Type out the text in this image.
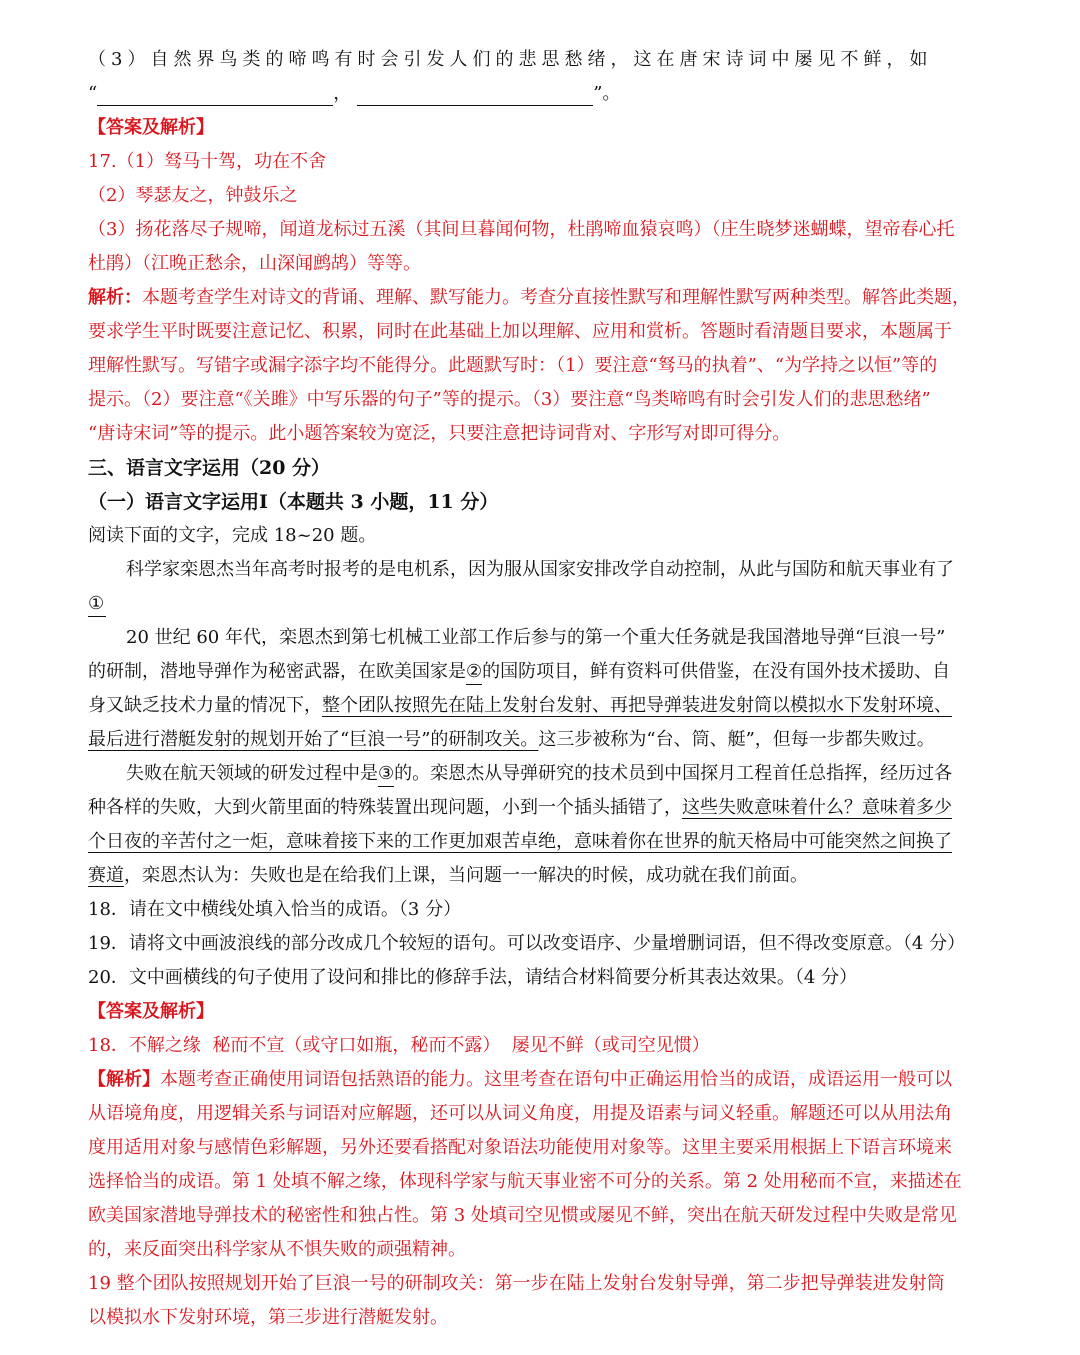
（3）自然界鸟类的啼鸣有时会引发人们的悲思愁绪，这在唐宋诗词中屡见不鲜，如
“	，	”。
【答案及解析】
17.（1）驽马十驾，功在不舍
（2）琴瑟友之，钟鼓乐之
（3）扬花落尽子规啼，闻道龙标过五溪（其间旦暮闻何物，杜鹃啼血猿哀鸣）（庄生晓梦迷蝴蝶，望帝春心托
杜鹃）（江晚正愁余，山深闻鹧鸪）等等。
解析：本题考查学生对诗文的背诵、理解、默写能力。考查分直接性默写和理解性默写两种类型。解答此类题，
要求学生平时既要注意记忆、积累，同时在此基础上加以理解、应用和赏析。答题时看清题目要求，本题属于
理解性默写。写错字或漏字添字均不能得分。此题默写时：（1）要注意“驽马的执着”、“为学持之以恒”等的
提示。（2）要注意“《关雎》中写乐器的句子”等的提示。（3）要注意“鸟类啼鸣有时会引发人们的悲思愁绪”
“唐诗宋词”等的提示。此小题答案较为宽泛，只要注意把诗词背对、字形写对即可得分。
三、语言文字运用（20 分）
（一）语言文字运用Ⅰ（本题共 3 小题，11 分）
阅读下面的文字，完成 18~20 题。
科学家栾恩杰当年高考时报考的是电机系，因为服从国家安排改学自动控制，从此与国防和航天事业有了
①
20 世纪 60 年代，栾恩杰到第七机械工业部工作后参与的第一个重大任务就是我国潜地导弹“巨浪一号”
的研制，潜地导弹作为秘密武器，在欧美国家是②的国防项目，鲜有资料可供借鉴，在没有国外技术援助、自
身又缺乏技术力量的情况下，整个团队按照先在陆上发射台发射、再把导弹装进发射筒以模拟水下发射环境、
最后进行潜艇发射的规划开始了“巨浪一号”的研制攻关。这三步被称为“台、筒、艇”，但每一步都失败过。
失败在航天领域的研发过程中是③的。栾恩杰从导弹研究的技术员到中国探月工程首任总指挥，经历过各
种各样的失败，大到火箭里面的特殊装置出现问题，小到一个插头插错了，这些失败意味着什么？意味着多少
个日夜的辛苦付之一炬，意味着接下来的工作更加艰苦卓绝，意味着你在世界的航天格局中可能突然之间换了
赛道，栾恩杰认为：失败也是在给我们上课，当问题一一解决的时候，成功就在我们前面。
18．请在文中横线处填入恰当的成语。（3 分）
19．请将文中画波浪线的部分改成几个较短的语句。可以改变语序、少量增删词语，但不得改变原意。（4 分）
20．文中画横线的句子使用了设问和排比的修辞手法，请结合材料简要分析其表达效果。（4 分）
【答案及解析】
18．不解之缘  秘而不宣（或守口如瓶，秘而不露）  屡见不鲜（或司空见惯）
【解析】本题考查正确使用词语包括熟语的能力。这里考查在语句中正确运用恰当的成语，成语运用一般可以
从语境角度，用逻辑关系与词语对应解题，还可以从词义角度，用提及语素与词义轻重。解题还可以从用法角
度用适用对象与感情色彩解题，另外还要看搭配对象语法功能使用对象等。这里主要采用根据上下语言环境来
选择恰当的成语。第 1 处填不解之缘，体现科学家与航天事业密不可分的关系。第 2 处用秘而不宣，来描述在
欧美国家潜地导弹技术的秘密性和独占性。第 3 处填司空见惯或屡见不鲜，突出在航天研发过程中失败是常见
的，来反面突出科学家从不惧失败的顽强精神。
19 整个团队按照规划开始了巨浪一号的研制攻关：第一步在陆上发射台发射导弹，第二步把导弹装进发射筒
以模拟水下发射环境，第三步进行潜艇发射。
